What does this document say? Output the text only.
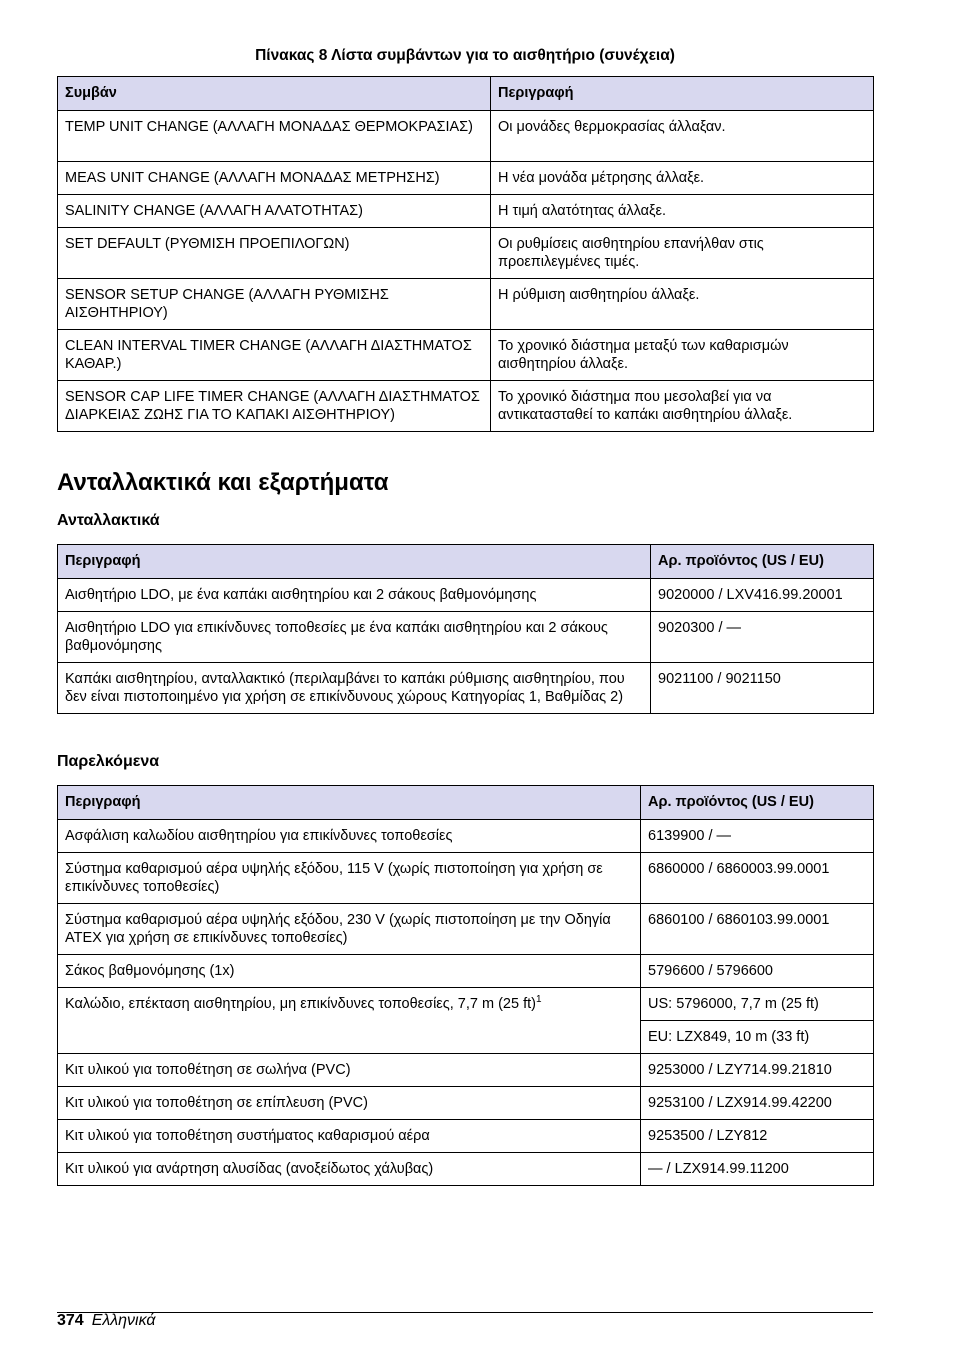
Πίνακας 8 Λίστα συμβάντων για το αισθητήριο (συνέχεια)
Συμβάν	Περιγραφή
TEMP UNIT CHANGE (ΑΛΛΑΓΗ ΜΟΝΑΔΑΣ ΘΕΡΜΟΚΡΑΣΙΑΣ)	Οι μονάδες θερμοκρασίας άλλαξαν.
MEAS UNIT CHANGE (ΑΛΛΑΓΗ ΜΟΝΑΔΑΣ ΜΕΤΡΗΣΗΣ)	Η νέα μονάδα μέτρησης άλλαξε.
SALINITY CHANGE (ΑΛΛΑΓΗ ΑΛΑΤΟΤΗΤΑΣ)	Η τιμή αλατότητας άλλαξε.
SET DEFAULT (ΡΥΘΜΙΣΗ ΠΡΟΕΠΙΛΟΓΩΝ)	Οι ρυθμίσεις αισθητηρίου επανήλθαν στις προεπιλεγμένες τιμές.
SENSOR SETUP CHANGE (ΑΛΛΑΓΗ ΡΥΘΜΙΣΗΣ ΑΙΣΘΗΤΗΡΙΟΥ)	Η ρύθμιση αισθητηρίου άλλαξε.
CLEAN INTERVAL TIMER CHANGE (ΑΛΛΑΓΗ ΔΙΑΣΤΗΜΑΤΟΣ ΚΑΘΑΡ.)	Το χρονικό διάστημα μεταξύ των καθαρισμών αισθητηρίου άλλαξε.
SENSOR CAP LIFE TIMER CHANGE (ΑΛΛΑΓΗ ΔΙΑΣΤΗΜΑΤΟΣ ΔΙΑΡΚΕΙΑΣ ΖΩΗΣ ΓΙΑ ΤΟ ΚΑΠΑΚΙ ΑΙΣΘΗΤΗΡΙΟΥ)	Το χρονικό διάστημα που μεσολαβεί για να αντικατασταθεί το καπάκι αισθητηρίου άλλαξε.
Ανταλλακτικά και εξαρτήματα
Ανταλλακτικά
Περιγραφή	Αρ. προϊόντος (US / EU)
Αισθητήριο LDO, με ένα καπάκι αισθητηρίου και 2 σάκους βαθμονόμησης	9020000 / LXV416.99.20001
Αισθητήριο LDO για επικίνδυνες τοποθεσίες με ένα καπάκι αισθητηρίου και 2 σάκους βαθμονόμησης	9020300 / —
Καπάκι αισθητηρίου, ανταλλακτικό (περιλαμβάνει το καπάκι ρύθμισης αισθητηρίου, που δεν είναι πιστοποιημένο για χρήση σε επικίνδυνους χώρους Κατηγορίας 1, Βαθμίδας 2)	9021100 / 9021150
Παρελκόμενα
Περιγραφή	Αρ. προϊόντος (US / EU)
Ασφάλιση καλωδίου αισθητηρίου για επικίνδυνες τοποθεσίες	6139900 / —
Σύστημα καθαρισμού αέρα υψηλής εξόδου, 115 V (χωρίς πιστοποίηση για χρήση σε επικίνδυνες τοποθεσίες)	6860000 / 6860003.99.0001
Σύστημα καθαρισμού αέρα υψηλής εξόδου, 230 V (χωρίς πιστοποίηση με την Οδηγία ATEX για χρήση σε επικίνδυνες τοποθεσίες)	6860100 / 6860103.99.0001
Σάκος βαθμονόμησης (1x)	5796600 / 5796600
Καλώδιο, επέκταση αισθητηρίου, μη επικίνδυνες τοποθεσίες, 7,7 m (25 ft)$^1$	US: 5796000, 7,7 m (25 ft)
	EU: LZX849, 10 m (33 ft)
Κιτ υλικού για τοποθέτηση σε σωλήνα (PVC)	9253000 / LZY714.99.21810
Κιτ υλικού για τοποθέτηση σε επίπλευση (PVC)	9253100 / LZX914.99.42200
Κιτ υλικού για τοποθέτηση συστήματος καθαρισμού αέρα	9253500 / LZY812
Κιτ υλικού για ανάρτηση αλυσίδας (ανοξείδωτος χάλυβας)	— / LZX914.99.11200
374 Ελληνικά
